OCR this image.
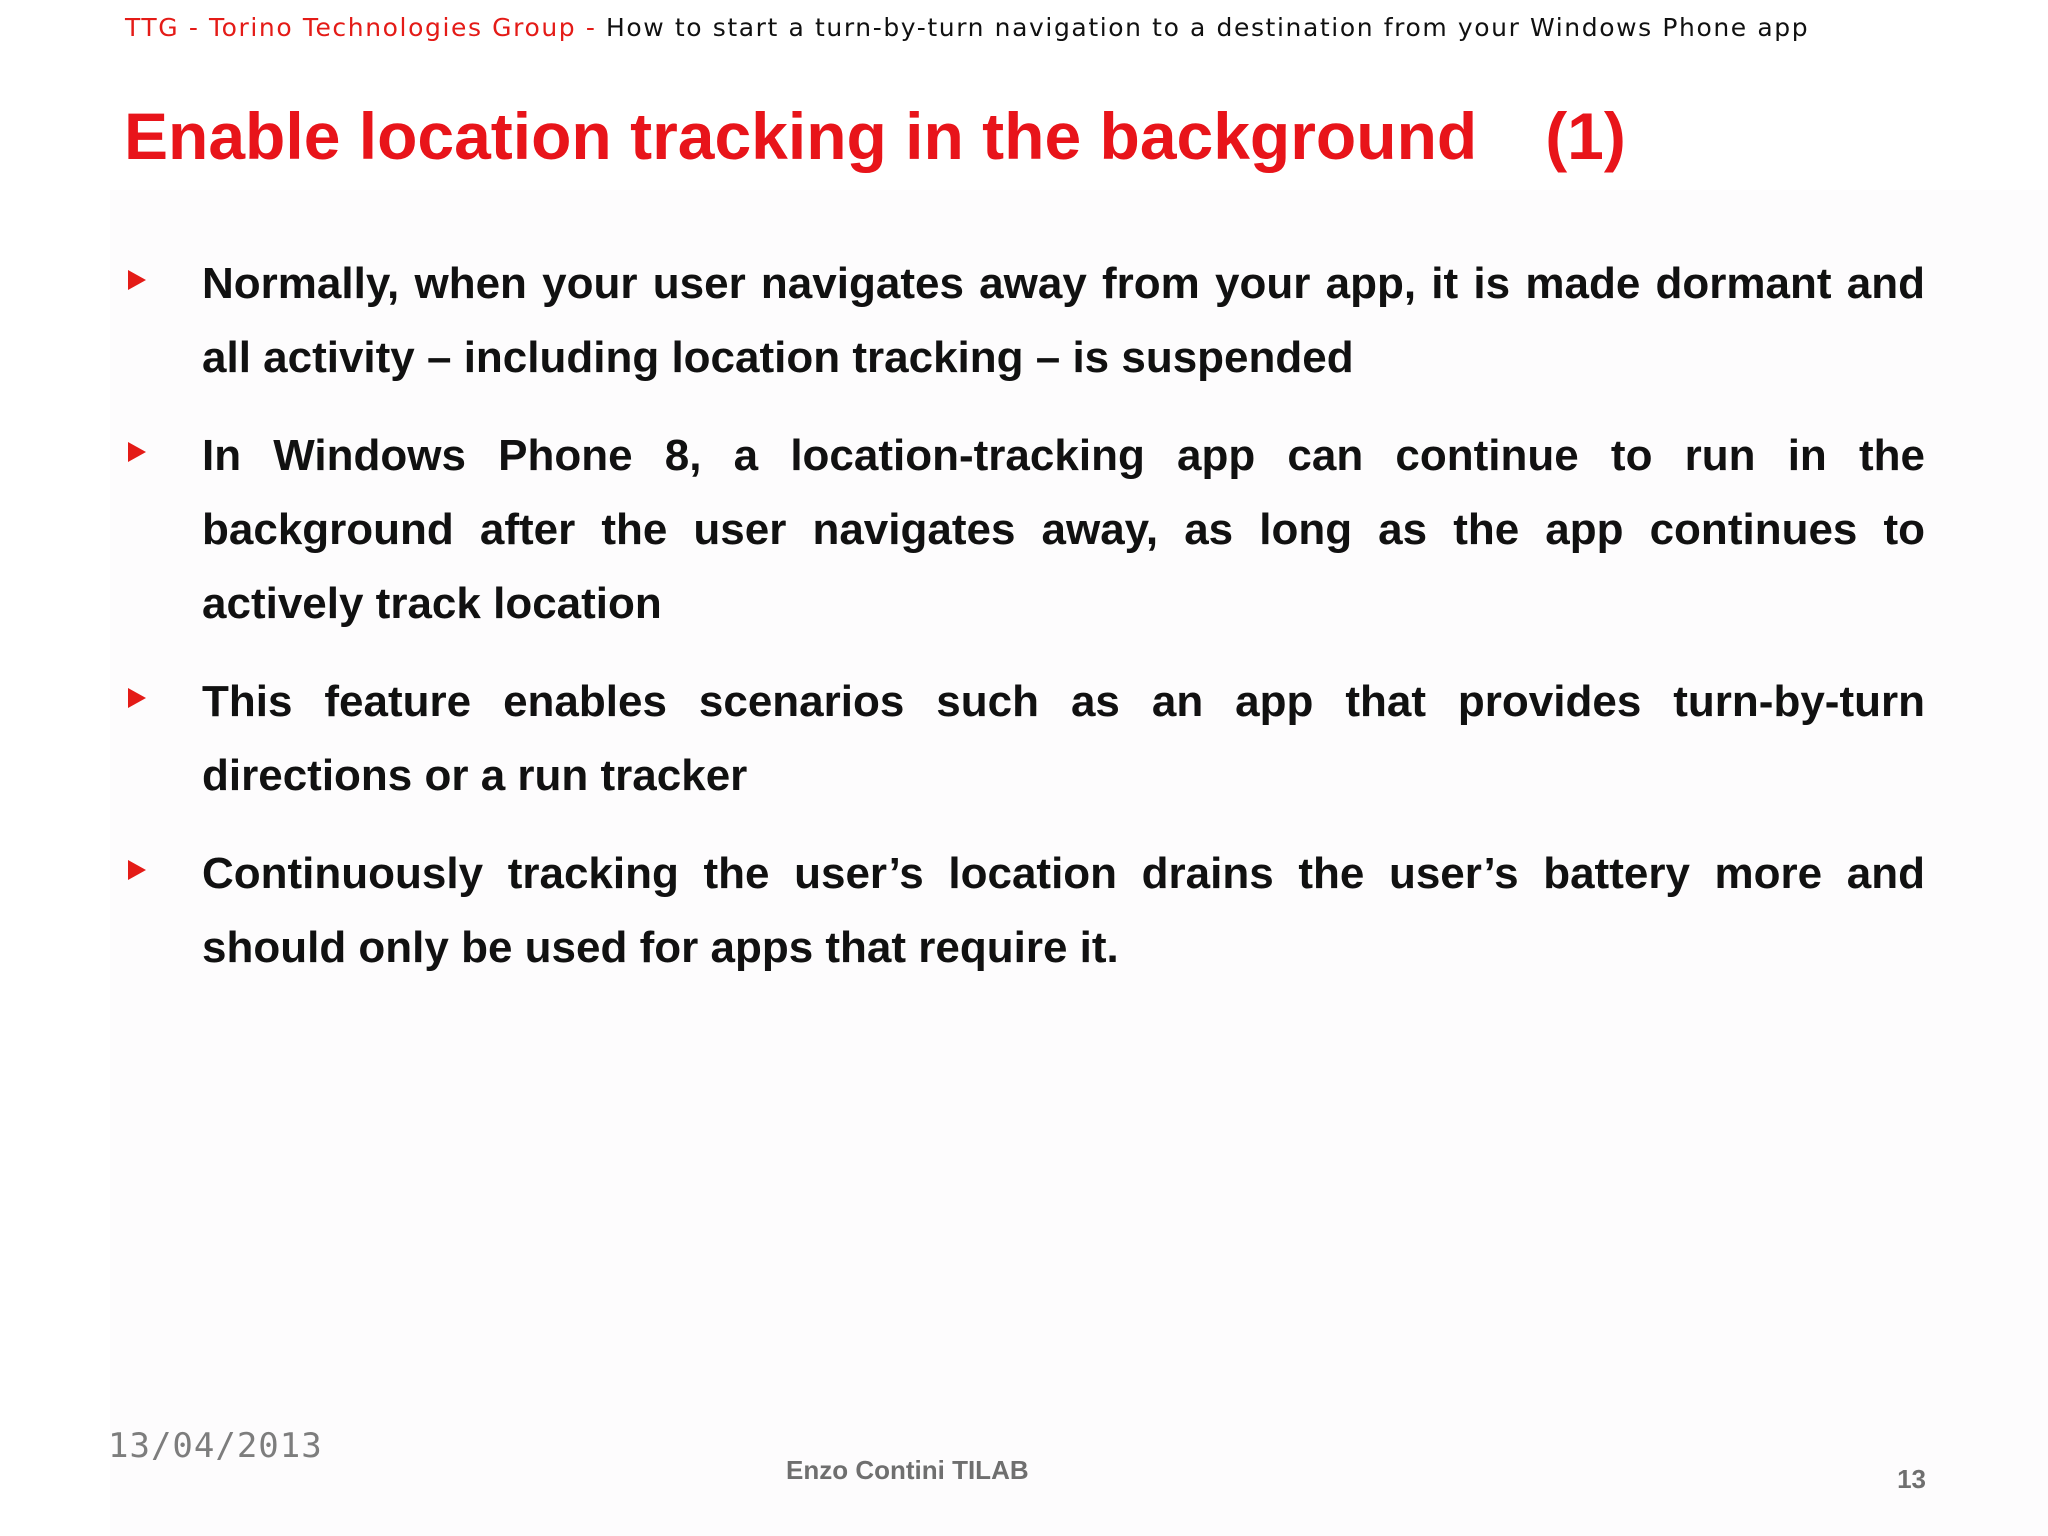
TTG - Torino Technologies Group - How to start a turn-by-turn navigation to a destination from your Windows Phone app
Enable location tracking in the background (1)
Normally, when your user navigates away from your app, it is made dormant and all activity – including location tracking – is suspended
In Windows Phone 8, a location-tracking app can continue to run in the background after the user navigates away, as long as the app continues to actively track location
This feature enables scenarios such as an app that provides turn-by-turn directions or a run tracker
Continuously tracking the user’s location drains the user’s battery more and should only be used for apps that require it.
13/04/2013
Enzo Contini TILAB	13
